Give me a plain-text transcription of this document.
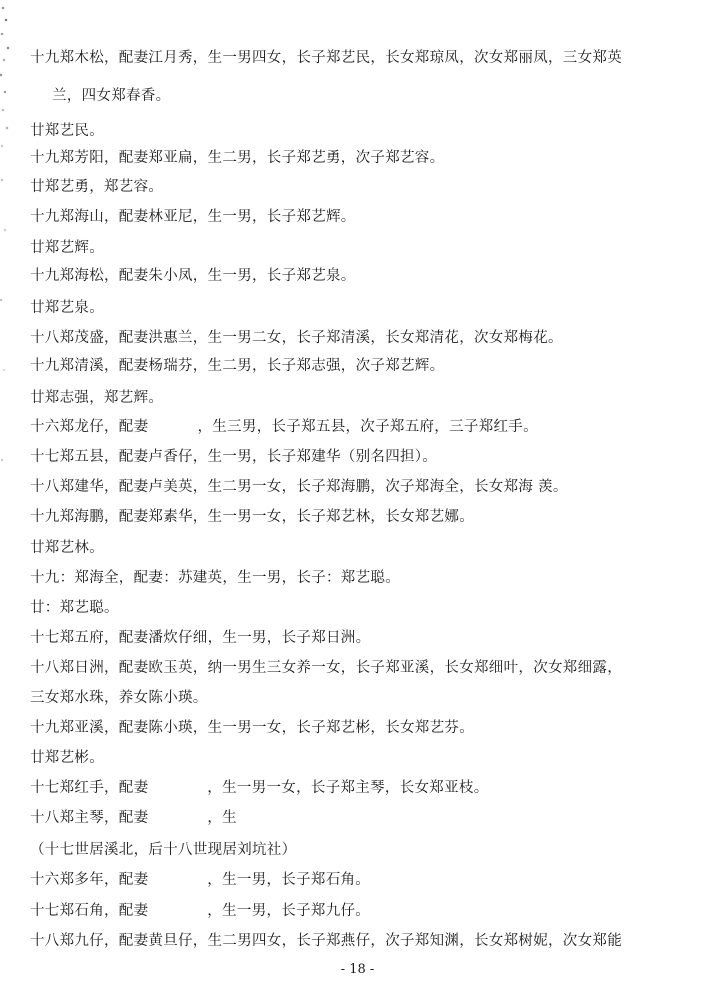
十九郑木松，配妻江月秀，生一男四女，长子郑艺民，长女郑琼凤，次女郑丽凤，三女郑英
兰，四女郑春香。
廿郑艺民。
十九郑芳阳，配妻郑亚扁，生二男，长子郑艺勇，次子郑艺容。
廿郑艺勇，郑艺容。
十九郑海山，配妻林亚尼，生一男，长子郑艺辉。
廿郑艺辉。
十九郑海松，配妻朱小凤，生一男，长子郑艺泉。
廿郑艺泉。
十八郑茂盛，配妻洪惠兰，生一男二女，长子郑清溪，长女郑清花，次女郑梅花。
十九郑清溪，配妻杨瑞芬，生二男，长子郑志强，次子郑艺辉。
廿郑志强，郑艺辉。
十六郑龙仔，配妻          ，生三男，长子郑五县，次子郑五府，三子郑红手。
十七郑五县，配妻卢香仔，生一男，长子郑建华（别名四担）。
十八郑建华，配妻卢美英，生二男一女，长子郑海鹏，次子郑海全，长女郑海 羡。
十九郑海鹏，配妻郑素华，生一男一女，长子郑艺林，长女郑艺娜。
廿郑艺林。
十九：郑海全，配妻：苏建英，生一男，长子：郑艺聪。
廿：郑艺聪。
十七郑五府，配妻潘炊仔细，生一男，长子郑日洲。
十八郑日洲，配妻欧玉英，纳一男生三女养一女，长子郑亚溪，长女郑细叶，次女郑细露，
三女郑水珠，养女陈小瑛。
十九郑亚溪，配妻陈小瑛，生一男一女，长子郑艺彬，长女郑艺芬。
廿郑艺彬。
十七郑红手，配妻            ，生一男一女，长子郑主琴，长女郑亚枝。
十八郑主琴，配妻            ，生
（十七世居溪北，后十八世现居刘坑社）
十六郑多年，配妻            ，生一男，长子郑石角。
十七郑石角，配妻            ，生一男，长子郑九仔。
十八郑九仔，配妻黄旦仔，生二男四女，长子郑燕仔，次子郑知渊，长女郑树妮，次女郑能
- 18 -
